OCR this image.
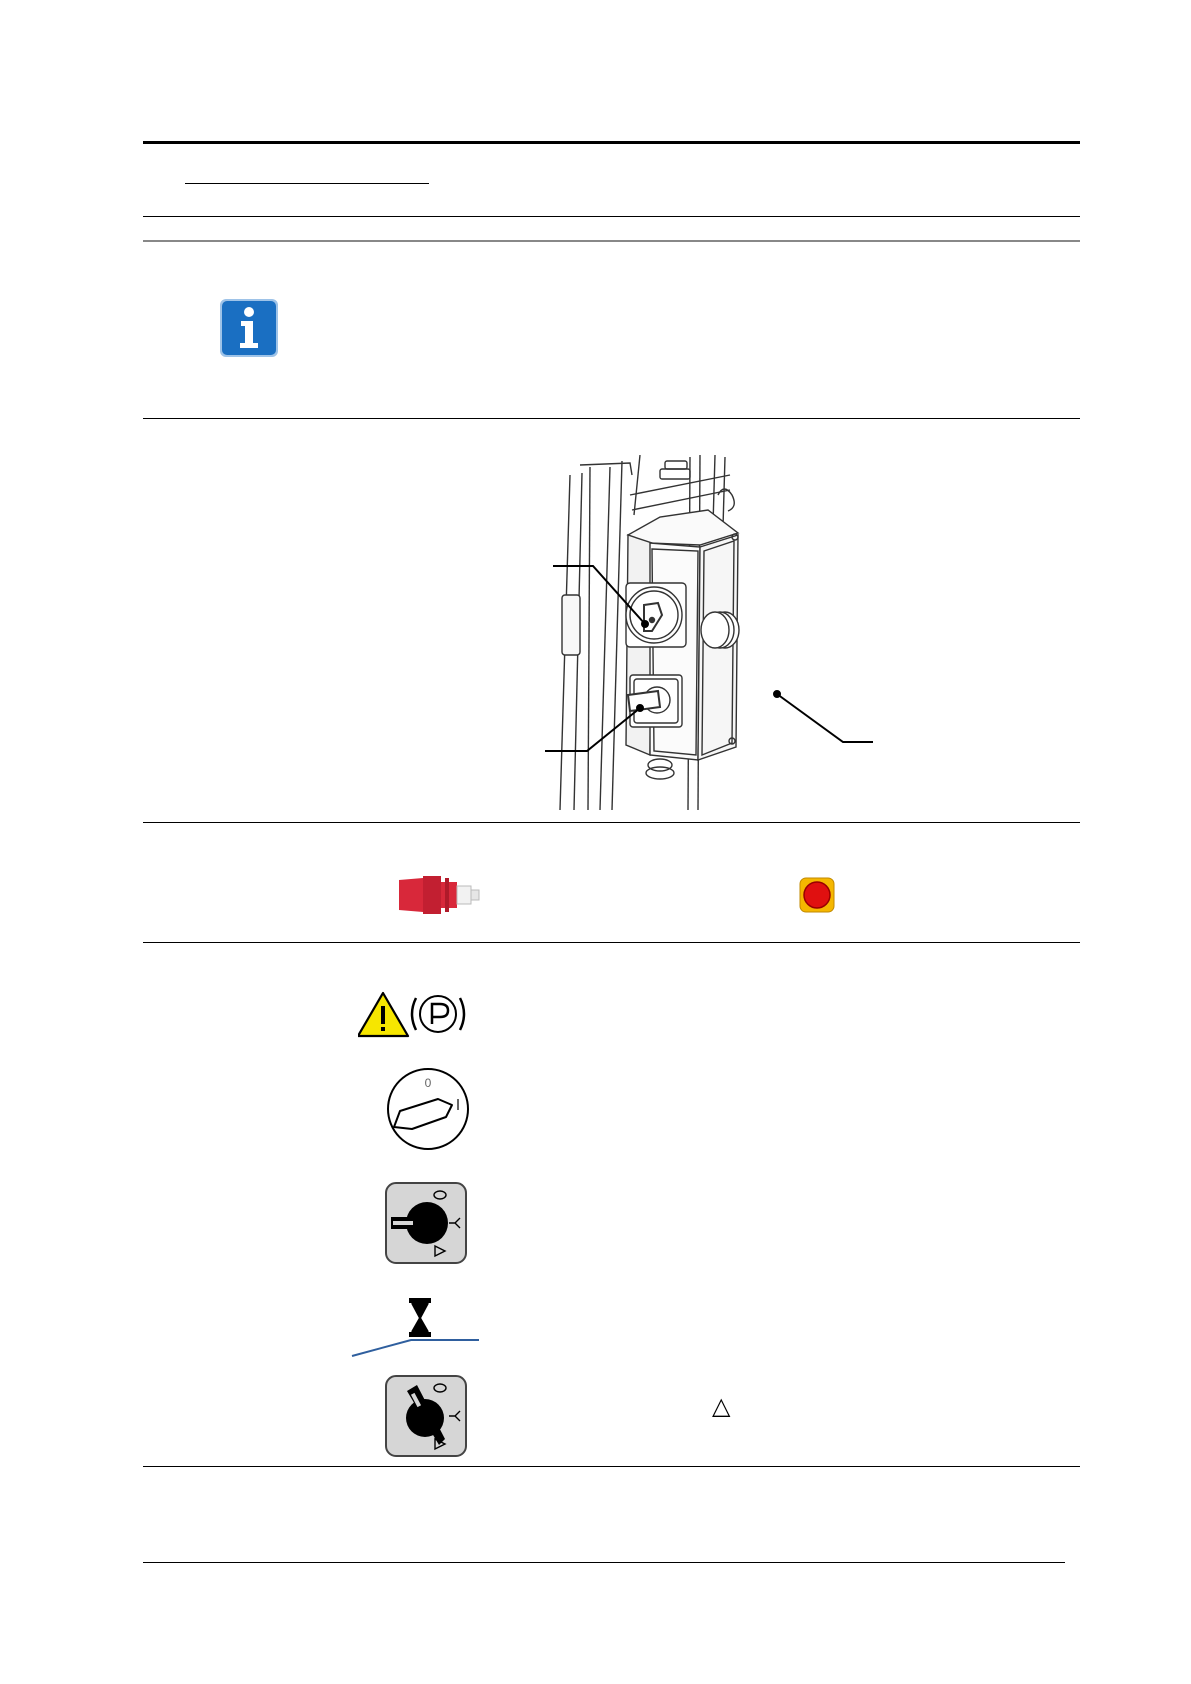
0
△
